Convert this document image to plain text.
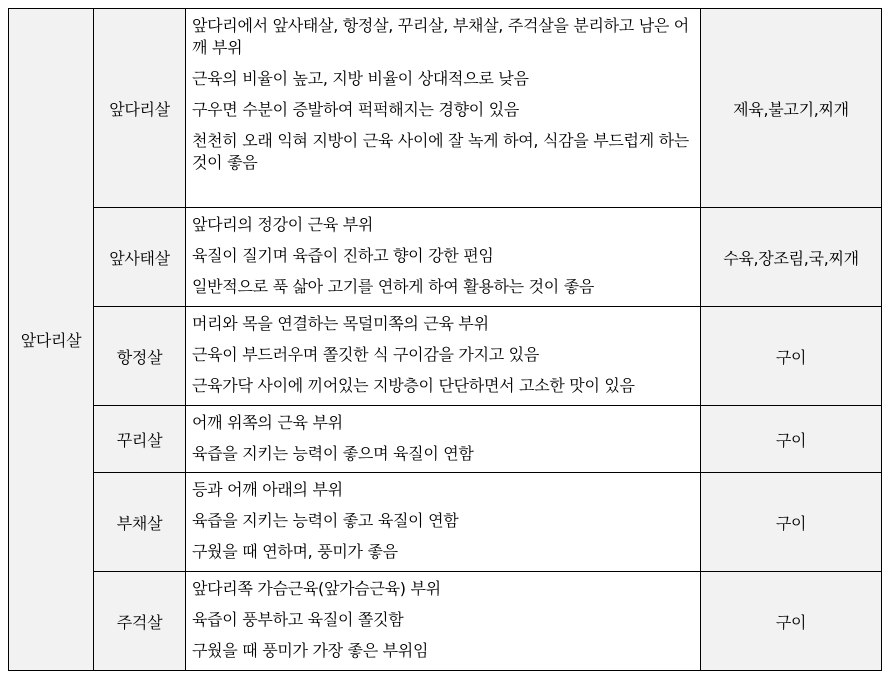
앞다리살	앞다리살	앞다리에서 앞사태살, 항정살, 꾸리살, 부채살, 주걱살을 분리하고 남은 어깨 부위
근육의 비율이 높고, 지방 비율이 상대적으로 낮음
구우면 수분이 증발하여 퍽퍽해지는 경향이 있음
천천히 오래 익혀 지방이 근육 사이에 잘 녹게 하여, 식감을 부드럽게 하는 것이 좋음	제육,불고기,찌개
	앞사태살	앞다리의 정강이 근육 부위
육질이 질기며 육즙이 진하고 향이 강한 편임
일반적으로 푹 삶아 고기를 연하게 하여 활용하는 것이 좋음	수육,장조림,국,찌개
	항정살	머리와 목을 연결하는 목덜미쪽의 근육 부위
근육이 부드러우며 쫄깃한 식 구이감을 가지고 있음
근육가닥 사이에 끼어있는 지방층이 단단하면서 고소한 맛이 있음	구이
	꾸리살	어깨 위쪽의 근육 부위
육즙을 지키는 능력이 좋으며 육질이 연함	구이
	부채살	등과 어깨 아래의 부위
육즙을 지키는 능력이 좋고 육질이 연함
구웠을 때 연하며, 풍미가 좋음	구이
	주걱살	앞다리쪽 가슴근육(앞가슴근육) 부위
육즙이 풍부하고 육질이 쫄깃함
구웠을 때 풍미가 가장 좋은 부위임	구이
